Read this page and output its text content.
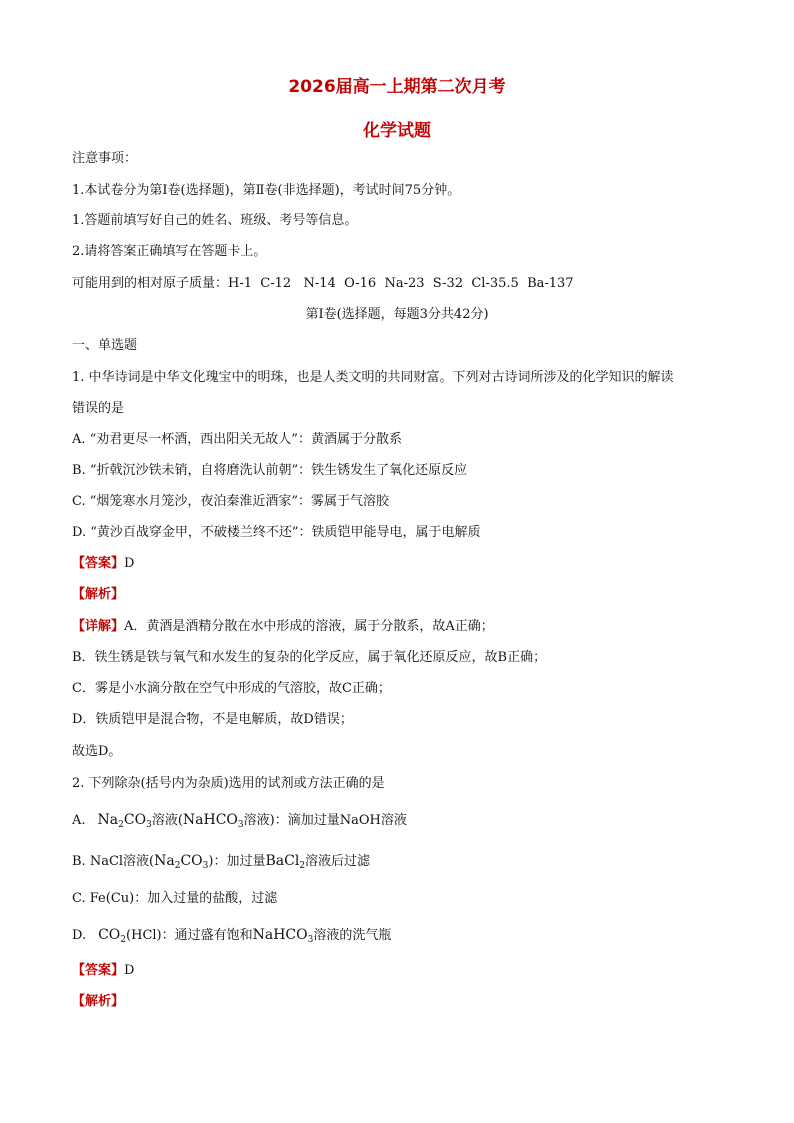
2026届高一上期第二次月考
化学试题
注意事项：
1.本试卷分为第Ⅰ卷(选择题)，第Ⅱ卷(非选择题)，考试时间75分钟。
1.答题前填写好自己的姓名、班级、考号等信息。
2.请将答案正确填写在答题卡上。
可能用到的相对原子质量：H-1  C-12   N-14  O-16  Na-23  S-32  Cl-35.5  Ba-137
第Ⅰ卷(选择题，每题3分共42分)
一、单选题
1. 中华诗词是中华文化瑰宝中的明珠，也是人类文明的共同财富。下列对古诗词所涉及的化学知识的解读
错误的是
A. “劝君更尽一杯酒，西出阳关无故人”：黄酒属于分散系
B. “折戟沉沙铁未销，自将磨洗认前朝”：铁生锈发生了氧化还原反应
C. “烟笼寒水月笼沙，夜泊秦淮近酒家”：雾属于气溶胶
D. “黄沙百战穿金甲，不破楼兰终不还”：铁质铠甲能导电，属于电解质
【答案】D
【解析】
【详解】A．黄酒是酒精分散在水中形成的溶液，属于分散系，故A正确；
B．铁生锈是铁与氧气和水发生的复杂的化学反应，属于氧化还原反应，故B正确；
C．雾是小水滴分散在空气中形成的气溶胶，故C正确；
D．铁质铠甲是混合物，不是电解质，故D错误；
故选D。
2. 下列除杂(括号内为杂质)选用的试剂或方法正确的是
A. $Na_2CO_3$溶液(NaHCO$_3$溶液)：滴加过量NaOH溶液
B. NaCl溶液$(Na_2CO_3)$：加过量BaCl$_2$溶液后过滤
C. Fe(Cu)：加入过量的盐酸，过滤
D. $CO_2(HCl)$：通过盛有饱和NaHCO$_3$溶液的洗气瓶
【答案】D
【解析】
